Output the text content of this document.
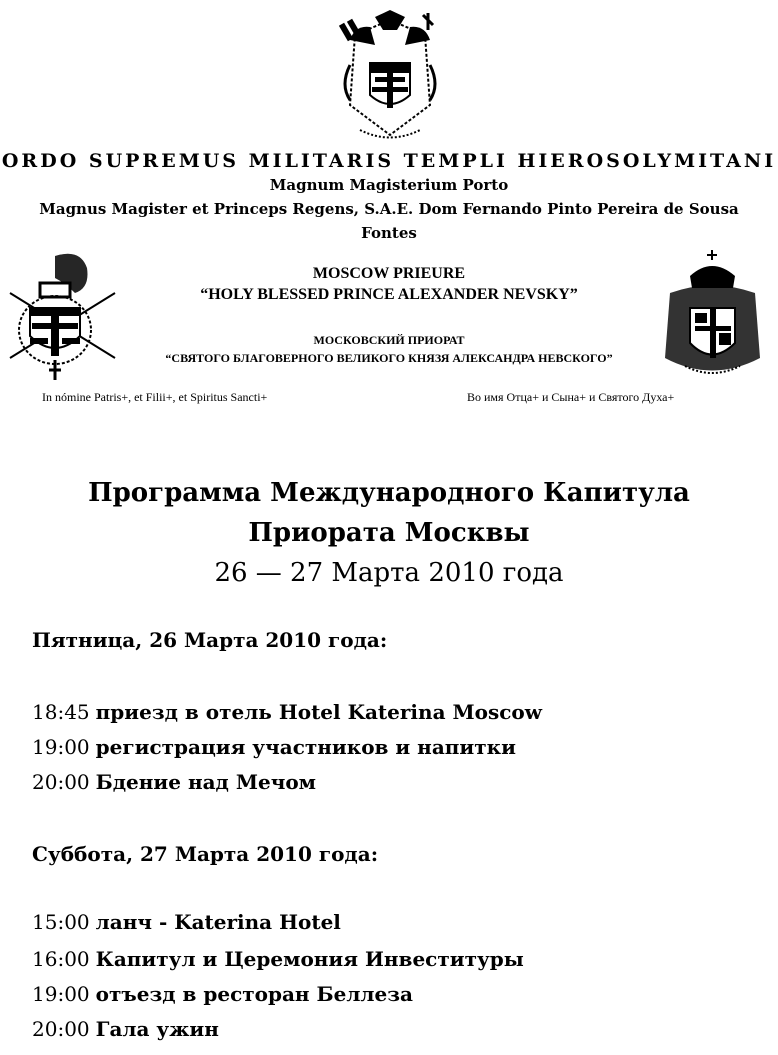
ORDO SUPREMUS MILITARIS TEMPLI HIEROSOLYMITANI
Magnum Magisterium Porto
Magnus Magister et Princeps Regens, S.A.E. Dom Fernando Pinto Pereira de Sousa
Fontes
MOSCOW PRIEURE
“HOLY BLESSED PRINCE ALEXANDER NEVSKY”
МОСКОВСКИЙ ПРИОРАТ
“СВЯТОГО БЛАГОВЕРНОГО ВЕЛИКОГО КНЯЗЯ АЛЕКСАНДРА НЕВСКОГО”
In nómine Patris+, et Filii+, et Spiritus Sancti+	Во имя Отца+ и Сына+ и Святого Духа+
Программа Международного Капитула
Приората Москвы
26 — 27 Марта 2010 года
Пятница, 26 Марта 2010 года:
18:45 приезд в отель Hotel Katerina Moscow
19:00 регистрация участников и напитки
20:00 Бдение над Мечом
Суббота, 27 Марта 2010 года:
15:00 ланч - Katerina Hotel
16:00 Капитул и Церемония Инвеституры
19:00 отъезд в ресторан Беллеза
20:00 Гала ужин
